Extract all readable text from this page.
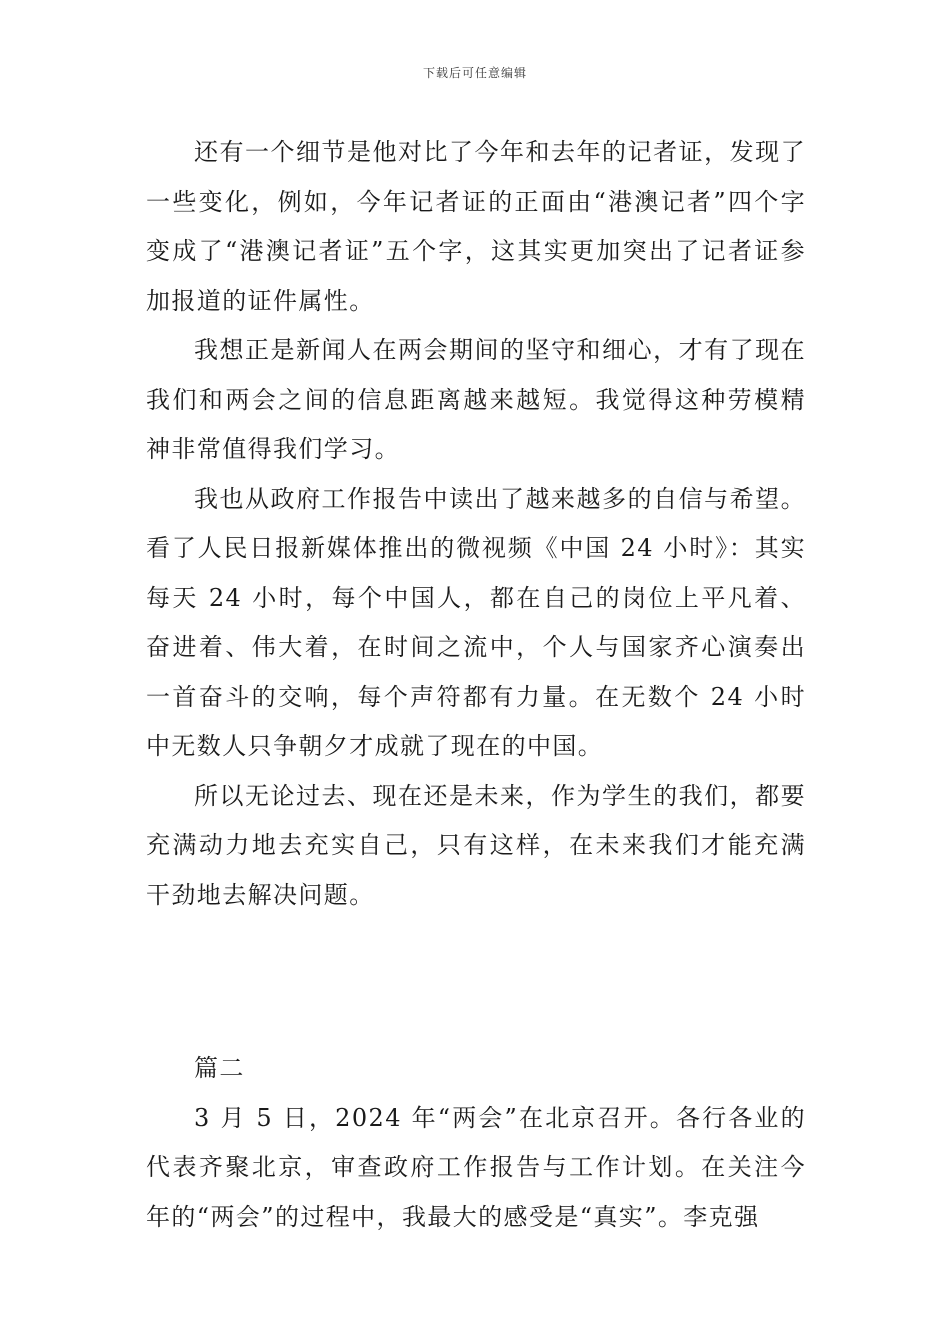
下载后可任意编辑

还有一个细节是他对比了今年和去年的记者证，发现了一些变化，例如，今年记者证的正面由“港澳记者”四个字变成了“港澳记者证”五个字，这其实更加突出了记者证参加报道的证件属性。

我想正是新闻人在两会期间的坚守和细心，才有了现在我们和两会之间的信息距离越来越短。我觉得这种劳模精神非常值得我们学习。

我也从政府工作报告中读出了越来越多的自信与希望。看了人民日报新媒体推出的微视频《中国 24 小时》：其实每天 24 小时，每个中国人，都在自己的岗位上平凡着、奋进着、伟大着，在时间之流中，个人与国家齐心演奏出一首奋斗的交响，每个声符都有力量。在无数个 24 小时中无数人只争朝夕才成就了现在的中国。

所以无论过去、现在还是未来，作为学生的我们，都要充满动力地去充实自己，只有这样，在未来我们才能充满干劲地去解决问题。

篇二

3 月 5 日，2024 年“两会”在北京召开。各行各业的代表齐聚北京，审查政府工作报告与工作计划。在关注今年的“两会”的过程中，我最大的感受是“真实”。李克强
